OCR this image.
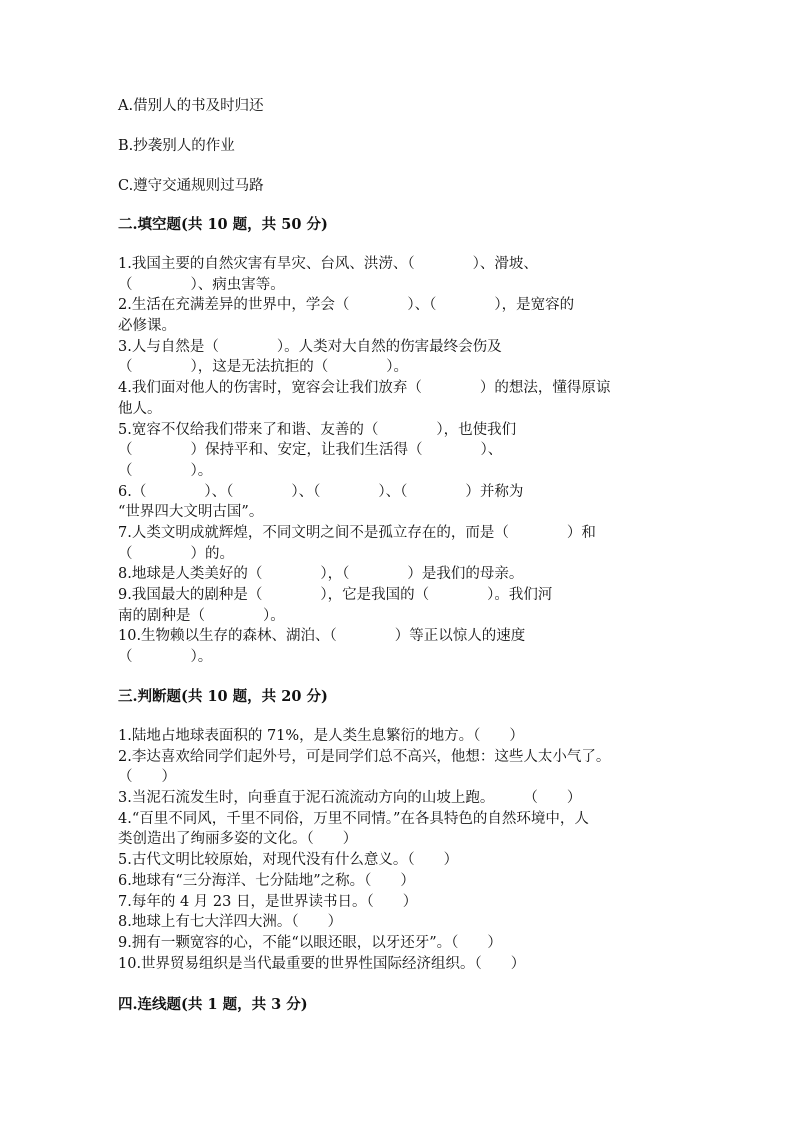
A.借别人的书及时归还
B.抄袭别人的作业
C.遵守交通规则过马路
二.填空题(共 10 题，共 50 分)
1.我国主要的自然灾害有旱灾、台风、洪涝、（　　　　）、滑坡、
（　　　　）、病虫害等。
2.生活在充满差异的世界中，学会（　　　　）、（　　　　），是宽容的
必修课。
3.人与自然是（　　　　）。人类对大自然的伤害最终会伤及
（　　　　），这是无法抗拒的（　　　　）。
4.我们面对他人的伤害时，宽容会让我们放弃（　　　　）的想法，懂得原谅
他人。
5.宽容不仅给我们带来了和谐、友善的（　　　　），也使我们
（　　　　）保持平和、安定，让我们生活得（　　　　）、
（　　　　）。
6.（　　　　）、（　　　　）、（　　　　）、（　　　　）并称为
“世界四大文明古国”。
7.人类文明成就辉煌，不同文明之间不是孤立存在的，而是（　　　　）和
（　　　　）的。
8.地球是人类美好的（　　　　），（　　　　）是我们的母亲。
9.我国最大的剧种是（　　　　），它是我国的（　　　　）。我们河
南的剧种是（　　　　）。
10.生物赖以生存的森林、湖泊、（　　　　）等正以惊人的速度
（　　　　）。
三.判断题(共 10 题，共 20 分)
1.陆地占地球表面积的 71%，是人类生息繁衍的地方。（　　）
2.李达喜欢给同学们起外号，可是同学们总不高兴，他想：这些人太小气了。
（　　）
3.当泥石流发生时，向垂直于泥石流流动方向的山坡上跑。　　　（　　）
4.“百里不同风，千里不同俗，万里不同情。”在各具特色的自然环境中，人
类创造出了绚丽多姿的文化。（　　）
5.古代文明比较原始，对现代没有什么意义。（　　）
6.地球有“三分海洋、七分陆地”之称。（　　）
7.每年的 4 月 23 日，是世界读书日。（　　）
8.地球上有七大洋四大洲。（　　）
9.拥有一颗宽容的心，不能“以眼还眼，以牙还牙”。（　　）
10.世界贸易组织是当代最重要的世界性国际经济组织。（　　）
四.连线题(共 1 题，共 3 分)
